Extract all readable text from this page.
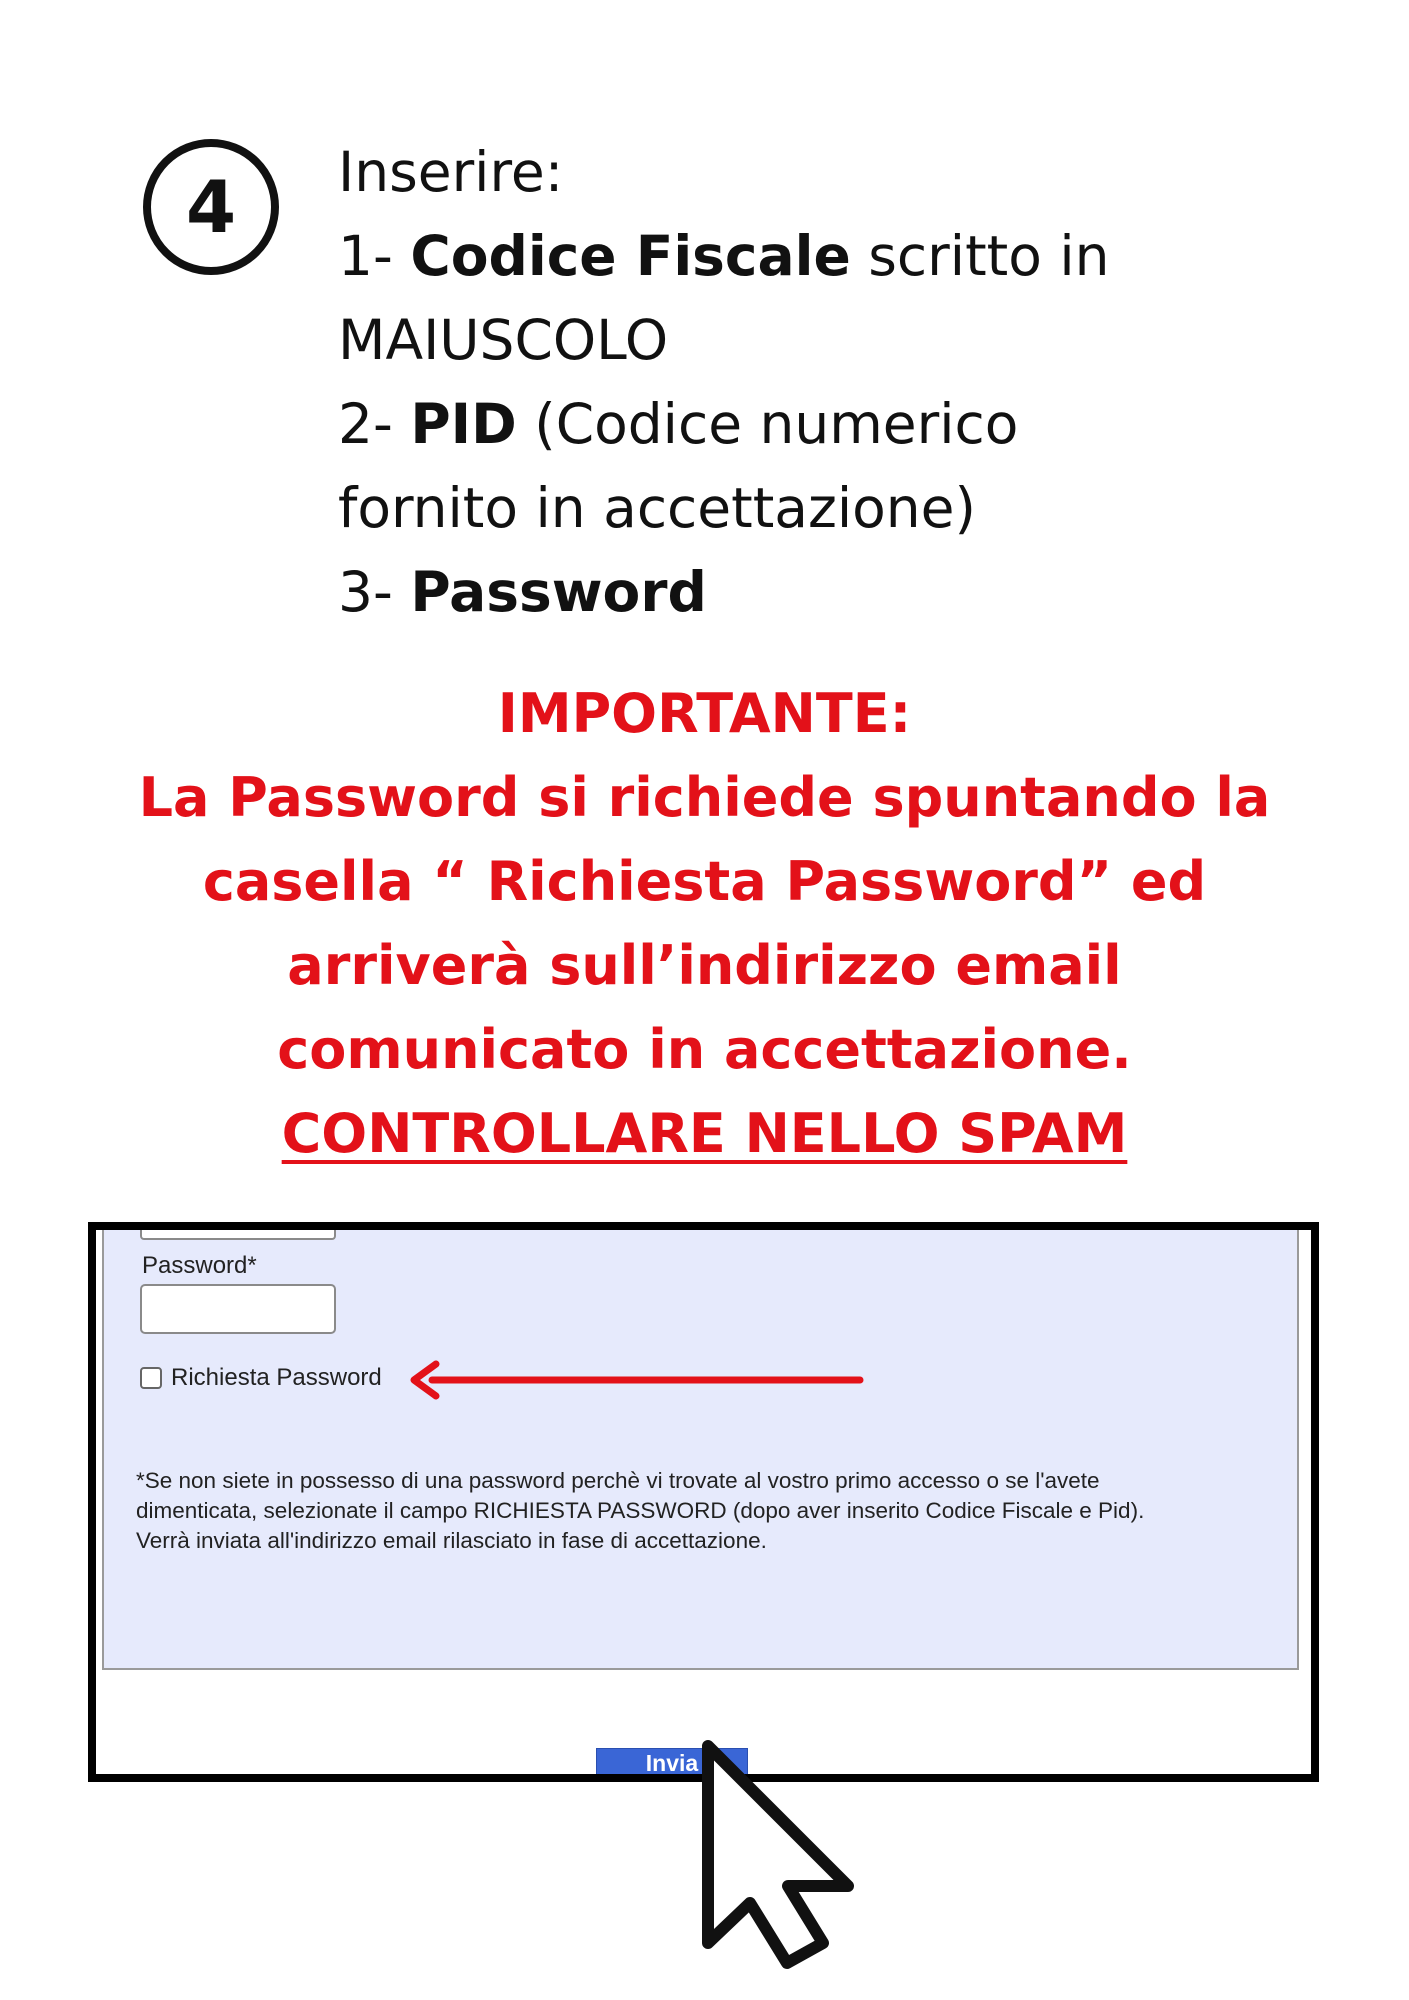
4 Inserire:
1- Codice Fiscale scritto in
MAIUSCOLO
2- PID (Codice numerico
fornito in accettazione)
3- Password
IMPORTANTE:
La Password si richiede spuntando la
casella “ Richiesta Password” ed
arriverà sull’indirizzo email
comunicato in accettazione.
CONTROLLARE NELLO SPAM
Password*
Richiesta Password
*Se non siete in possesso di una password perchè vi trovate al vostro primo accesso o se l'avete
dimenticata, selezionate il campo RICHIESTA PASSWORD (dopo aver inserito Codice Fiscale e Pid).
Verrà inviata all'indirizzo email rilasciato in fase di accettazione.
Invia
